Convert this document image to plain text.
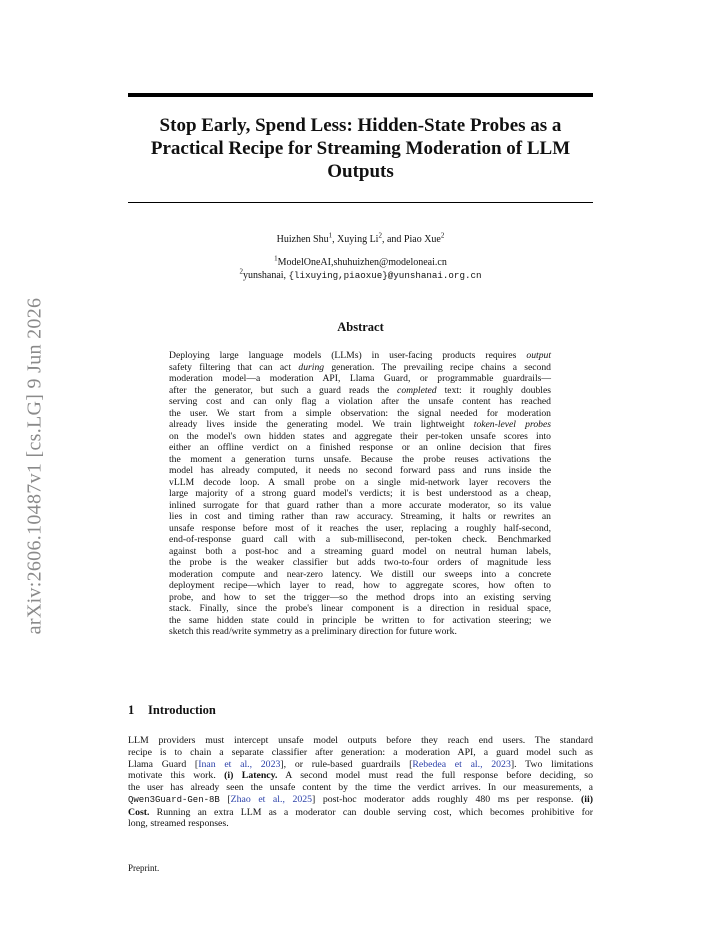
arXiv:2606.10487v1 [cs.LG] 9 Jun 2026
Stop Early, Spend Less: Hidden-State Probes as a
Practical Recipe for Streaming Moderation of LLM
Outputs
Huizhen Shu$^1$, Xuying Li$^2$, and Piao Xue$^2$
$^1$ModelOneAI,shuhuizhen@modeloneai.cn
$^2$yunshanai, {lixuying,piaoxue}@yunshanai.org.cn
Abstract
Deploying large language models (LLMs) in user-facing products requires output
safety filtering that can act during generation. The prevailing recipe chains a second
moderation model—a moderation API, Llama Guard, or programmable guardrails—
after the generator, but such a guard reads the completed text: it roughly doubles
serving cost and can only flag a violation after the unsafe content has reached
the user. We start from a simple observation: the signal needed for moderation
already lives inside the generating model. We train lightweight token-level probes
on the model's own hidden states and aggregate their per-token unsafe scores into
either an offline verdict on a finished response or an online decision that fires
the moment a generation turns unsafe. Because the probe reuses activations the
model has already computed, it needs no second forward pass and runs inside the
vLLM decode loop. A small probe on a single mid-network layer recovers the
large majority of a strong guard model's verdicts; it is best understood as a cheap,
inlined surrogate for that guard rather than a more accurate moderator, so its value
lies in cost and timing rather than raw accuracy. Streaming, it halts or rewrites an
unsafe response before most of it reaches the user, replacing a roughly half-second,
end-of-response guard call with a sub-millisecond, per-token check. Benchmarked
against both a post-hoc and a streaming guard model on neutral human labels,
the probe is the weaker classifier but adds two-to-four orders of magnitude less
moderation compute and near-zero latency. We distill our sweeps into a concrete
deployment recipe—which layer to read, how to aggregate scores, how often to
probe, and how to set the trigger—so the method drops into an existing serving
stack. Finally, since the probe's linear component is a direction in residual space,
the same hidden state could in principle be written to for activation steering; we
sketch this read/write symmetry as a preliminary direction for future work.
1 Introduction
LLM providers must intercept unsafe model outputs before they reach end users. The standard
recipe is to chain a separate classifier after generation: a moderation API, a guard model such as
Llama Guard [Inan et al., 2023], or rule-based guardrails [Rebedea et al., 2023]. Two limitations
motivate this work. (i) Latency. A second model must read the full response before deciding, so
the user has already seen the unsafe content by the time the verdict arrives. In our measurements, a
Qwen3Guard-Gen-8B [Zhao et al., 2025] post-hoc moderator adds roughly 480 ms per response. (ii)
Cost. Running an extra LLM as a moderator can double serving cost, which becomes prohibitive for
long, streamed responses.
Preprint.
